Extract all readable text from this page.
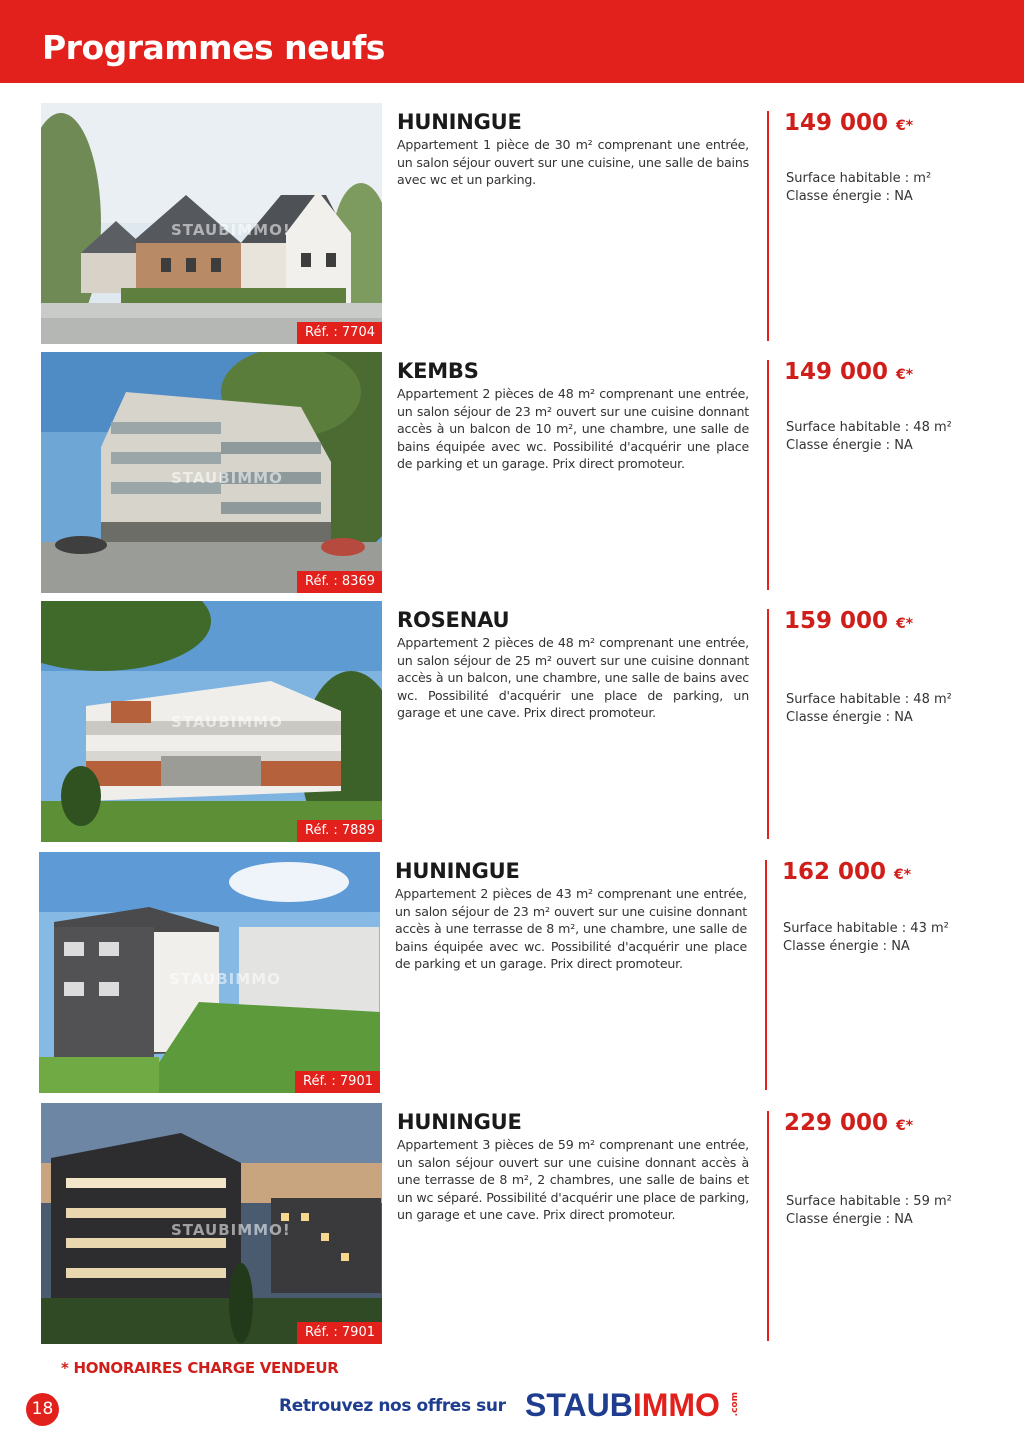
Programmes neufs
STAUBIMMO!
Réf. : 7704
HUNINGUE
Appartement 1 pièce de 30 m² comprenant une entrée, un salon séjour ouvert sur une cuisine, une salle de bains avec wc et un parking.
149 000 €*
Surface habitable : m²
Classe énergie : NA
STAUBIMMO
Réf. : 8369
KEMBS
Appartement 2 pièces de 48 m² comprenant une entrée, un salon séjour de 23 m² ouvert sur une cuisine donnant accès à un balcon de 10 m², une chambre, une salle de bains équipée avec wc. Possibilité d'acquérir une place de parking et un garage. Prix direct promoteur.
149 000 €*
Surface habitable : 48 m²
Classe énergie : NA
STAUBIMMO
Réf. : 7889
ROSENAU
Appartement 2 pièces de 48 m² comprenant une entrée, un salon séjour de 25 m² ouvert sur une cuisine donnant accès à un balcon, une chambre, une salle de bains avec wc. Possibilité d'acquérir une place de parking, un garage et une cave. Prix direct promoteur.
159 000 €*
Surface habitable : 48 m²
Classe énergie : NA
STAUBIMMO
Réf. : 7901
HUNINGUE
Appartement 2 pièces de 43 m² comprenant une entrée, un salon séjour de 23 m² ouvert sur une cuisine donnant accès à une terrasse de 8 m², une chambre, une salle de bains équipée avec wc. Possibilité d'acquérir une place de parking et un garage. Prix direct promoteur.
162 000 €*
Surface habitable : 43 m²
Classe énergie : NA
STAUBIMMO!
Réf. : 7901
HUNINGUE
Appartement 3 pièces de 59 m² comprenant une entrée, un salon séjour ouvert sur une cuisine donnant accès à une terrasse de 8 m², 2 chambres, une salle de bains et un wc séparé. Possibilité d'acquérir une place de parking, un garage et une cave. Prix direct promoteur.
229 000 €*
Surface habitable : 59 m²
Classe énergie : NA
* HONORAIRES CHARGE VENDEUR
18	Retrouvez nos offres sur STAUBIMMO .com
